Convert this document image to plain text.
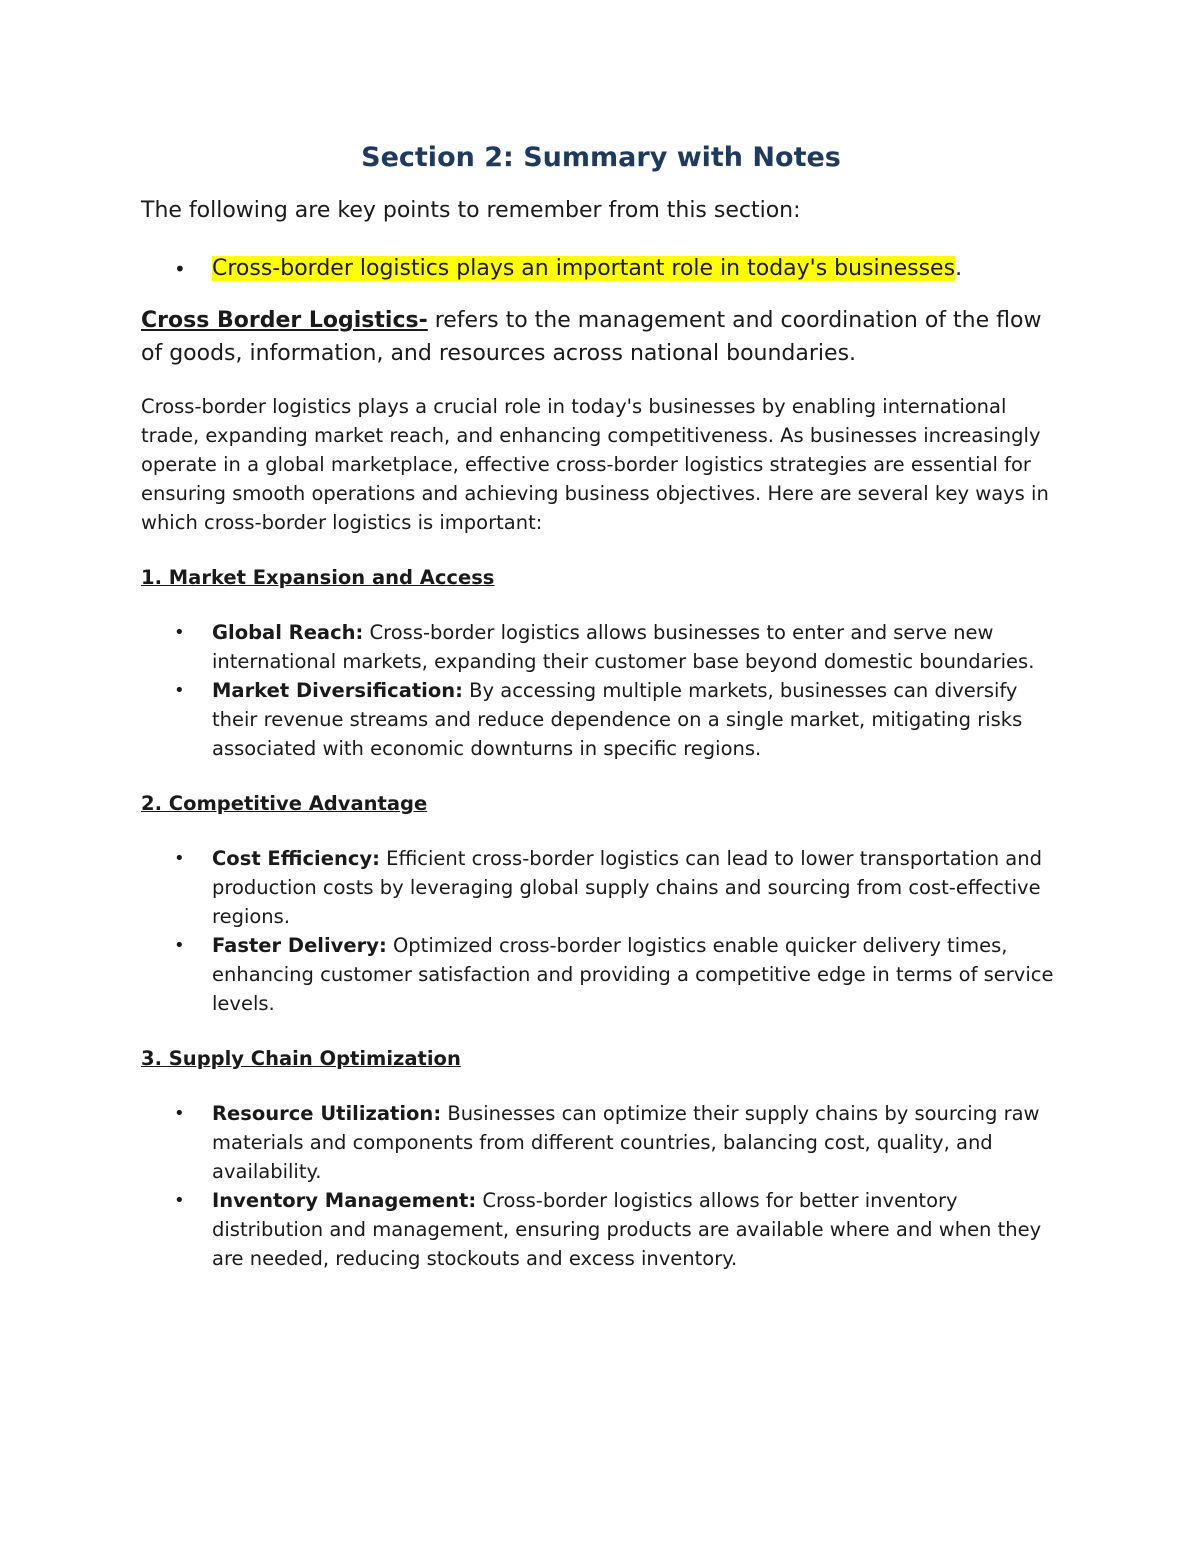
Section 2: Summary with Notes

The following are key points to remember from this section:

• Cross-border logistics plays an important role in today's businesses.

Cross Border Logistics- refers to the management and coordination of the flow of goods, information, and resources across national boundaries.

Cross-border logistics plays a crucial role in today's businesses by enabling international trade, expanding market reach, and enhancing competitiveness. As businesses increasingly operate in a global marketplace, effective cross-border logistics strategies are essential for ensuring smooth operations and achieving business objectives. Here are several key ways in which cross-border logistics is important:

1. Market Expansion and Access
• Global Reach: Cross-border logistics allows businesses to enter and serve new international markets, expanding their customer base beyond domestic boundaries.
• Market Diversification: By accessing multiple markets, businesses can diversify their revenue streams and reduce dependence on a single market, mitigating risks associated with economic downturns in specific regions.
2. Competitive Advantage
• Cost Efficiency: Efficient cross-border logistics can lead to lower transportation and production costs by leveraging global supply chains and sourcing from cost-effective regions.
• Faster Delivery: Optimized cross-border logistics enable quicker delivery times, enhancing customer satisfaction and providing a competitive edge in terms of service levels.
3. Supply Chain Optimization
• Resource Utilization: Businesses can optimize their supply chains by sourcing raw materials and components from different countries, balancing cost, quality, and availability.
• Inventory Management: Cross-border logistics allows for better inventory distribution and management, ensuring products are available where and when they are needed, reducing stockouts and excess inventory.
